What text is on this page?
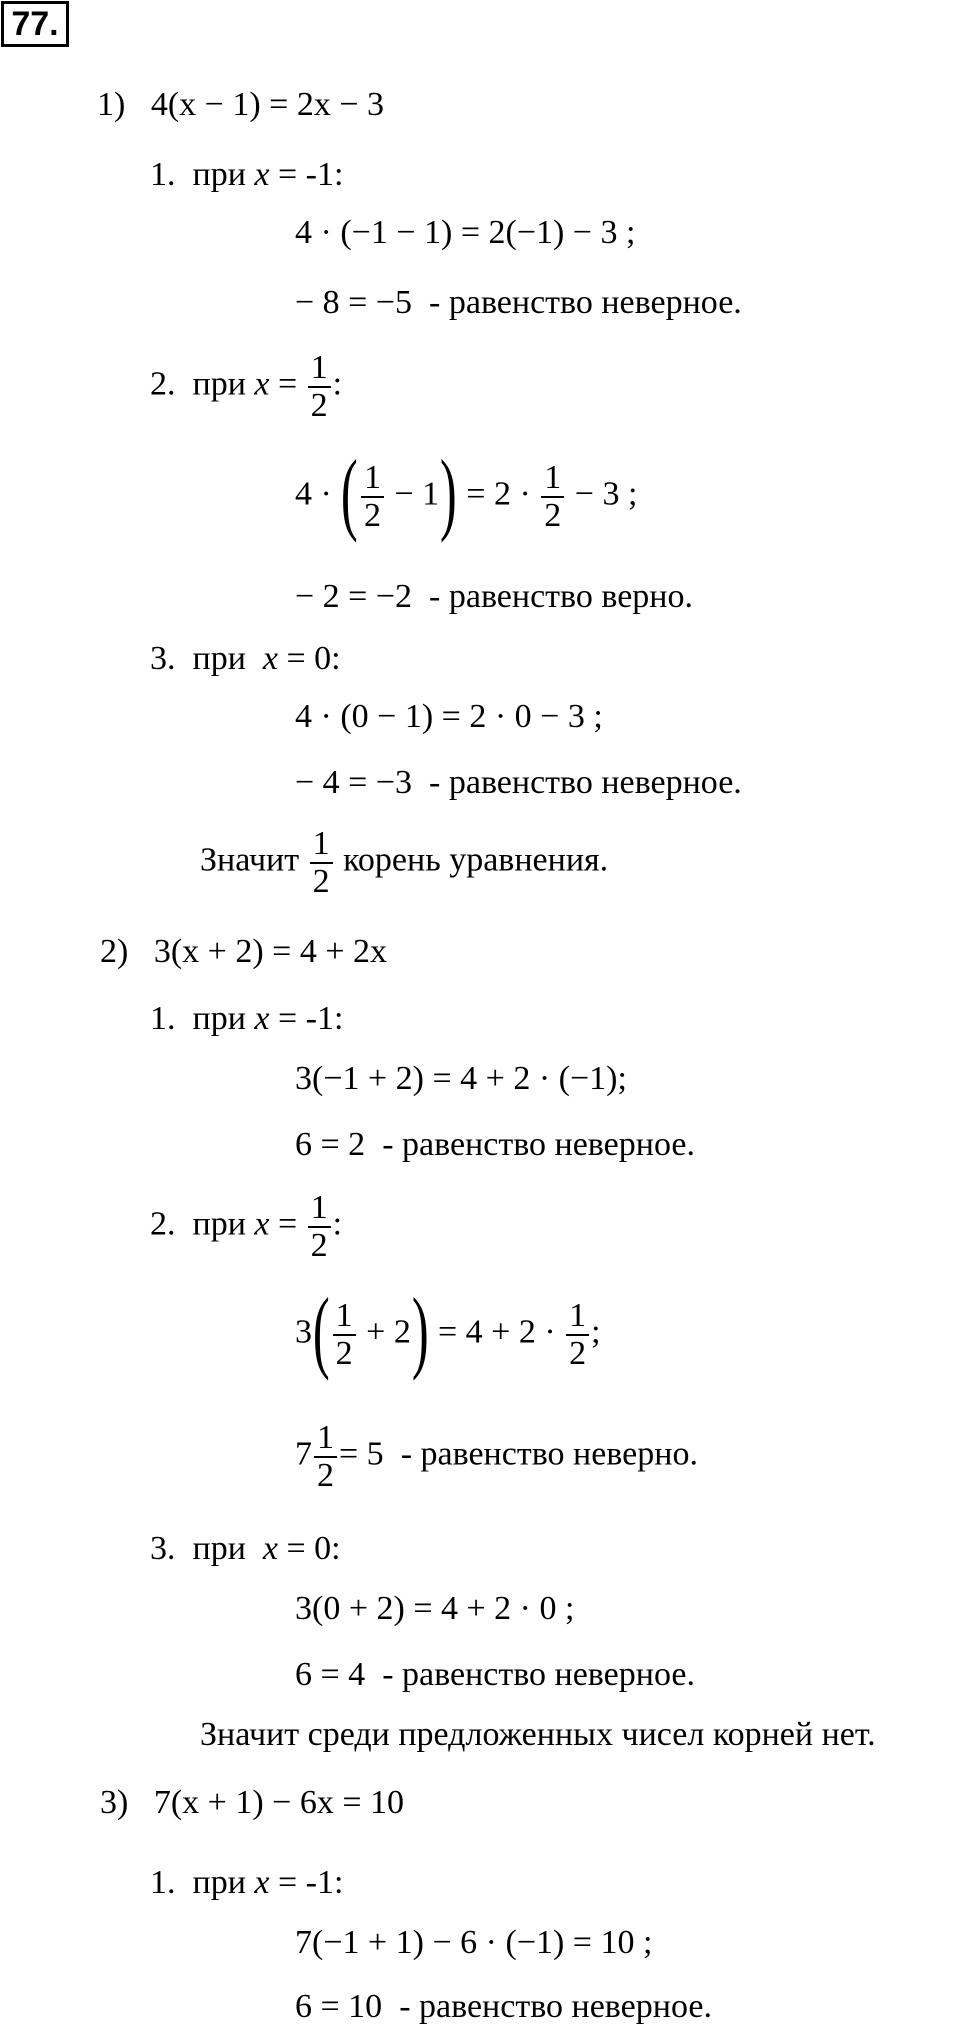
77.
1) 4(x − 1) = 2x − 3
1. при x = -1:
4 · (−1 − 1) = 2(−1) − 3 ;
− 8 = −5 - равенство неверное.
2. при $x = \frac{1}{2}$ :
4 · ( $\frac{1}{2} - 1) = 2 \cdot \frac{1}{2} - 3$ ;
− 2 = −2 - равенство верно.
3. при x = 0:
4 · (0 − 1) = 2 · 0 − 3 ;
− 4 = −3 - равенство неверное.
Значит $\frac{1}{2}$ корень уравнения.
2) 3(x + 2) = 4 + 2x
1. при x = -1:
3(−1 + 2) = 4 + 2 · (−1);
6 = 2 - равенство неверное.
2. при $x = \frac{1}{2}$ :
$3( \frac{1}{2} + 2) = 4 + 2 \cdot \frac{1}{2}$ ;
$7 \frac{1}{2} = 5$ - равенство неверно.
3. при x = 0:
3(0 + 2) = 4 + 2 · 0 ;
6 = 4 - равенство неверное.
Значит среди предложенных чисел корней нет.
3) 7(x + 1) − 6x = 10
1. при x = -1:
7(−1 + 1) − 6 · (−1) = 10 ;
6 = 10 - равенство неверное.
